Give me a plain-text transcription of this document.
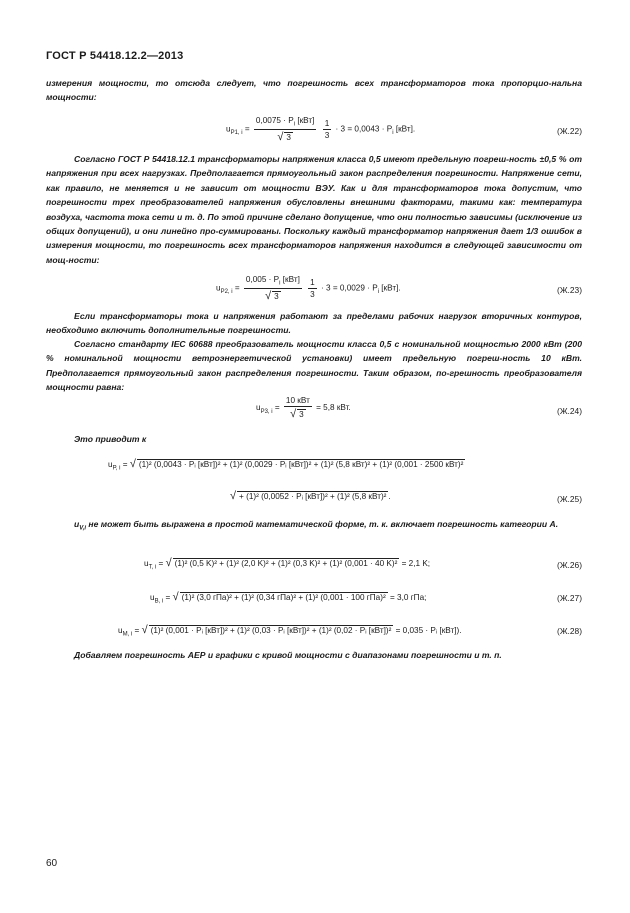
ГОСТ Р 54418.12.2—2013
измерения мощности, то отсюда следует, что погрешность всех трансформаторов тока пропорцио-нальна мощности:
$u_{P1, i} = \frac{0,0075 \cdot P_i [кВт]}{√ 3}$
$\frac{1}{3} \cdot 3 = 0,0043 \cdot P_i$ [кВт].	(Ж.22)
Согласно ГОСТ Р 54418.12.1 трансформаторы напряжения класса 0,5 имеют предельную погреш-ность ±0,5 % от напряжения при всех нагрузках. Предполагается прямоугольный закон распределения погрешности. Напряжение сети, как правило, не меняется и не зависит от мощности ВЭУ. Как и для трансформаторов тока допустим, что погрешности трех преобразователей напряжения обусловлены внешними факторами, такими как: температура воздуха, частота тока сети и т. д. По этой причине сделано допущение, что они полностью зависимы (исключение из общих допущений), и они линейно про-суммированы. Поскольку каждый трансформатор напряжения дает 1/3 ошибок в измерения мощности, то погрешность всех трансформаторов напряжения находится в следующей зависимости от мощ-ности:
$u_{P2, i} = \frac{0,005 \cdot P_i [кВт]}{√ 3}$
$\frac{1}{3} \cdot 3 = 0,0029 \cdot P_i$ [кВт].	(Ж.23)
Если трансформаторы тока и напряжения работают за пределами рабочих нагрузок вторичных контуров, необходимо включить дополнительные погрешности.
Согласно стандарту IEC 60688 преобразователь мощности класса 0,5 с номинальной мощностью 2000 кВт (200 % номинальной мощности ветроэнергетической установки) имеет предельную погреш-ность 10 кВт. Предполагается прямоугольный закон распределения погрешности. Таким образом, по-грешность преобразователя мощности равна:
$u_{P3, i} = \frac{\text{10 кВт}}{√ 3} = 5,8$ кВт.	(Ж.24)
Это приводит к
$u_{P, i}$ = √ (1)² (0,0043 · Pᵢ [кВт])² + (1)² (0,0029 · Pᵢ [кВт])² + (1)² (5,8 кВт)² + (1)² (0,001 · 2500 кВт)²
√ + (1)² (0,0052 · Pᵢ [кВт])² + (1)² (5,8 кВт)² .	(Ж.25)
$u_{V,i}$ не может быть выражена в простой математической форме, т. к. включает погрешность категории А.
$u_{T, i}$ = √ (1)² (0,5 K)² + (1)² (2,0 K)² + (1)² (0,3 K)² + (1)² (0,001 · 40 K)² = 2,1 K;	(Ж.26)
$u_{B, i}$ = √ (1)² (3,0 гПа)² + (1)² (0,34 гПа)² + (1)² (0,001 · 100 гПа)² = 3,0 гПа;	(Ж.27)
$u_{M, i}$ = √ (1)² (0,001 · Pᵢ [кВт])² + (1)² (0,03 · Pᵢ [кВт])² + (1)² (0,02 · Pᵢ [кВт])² = 0,035 · Pᵢ [кВт]).	(Ж.28)
Добавляем погрешность АЕР и графики с кривой мощности с диапазонами погрешности и т. п.
60
